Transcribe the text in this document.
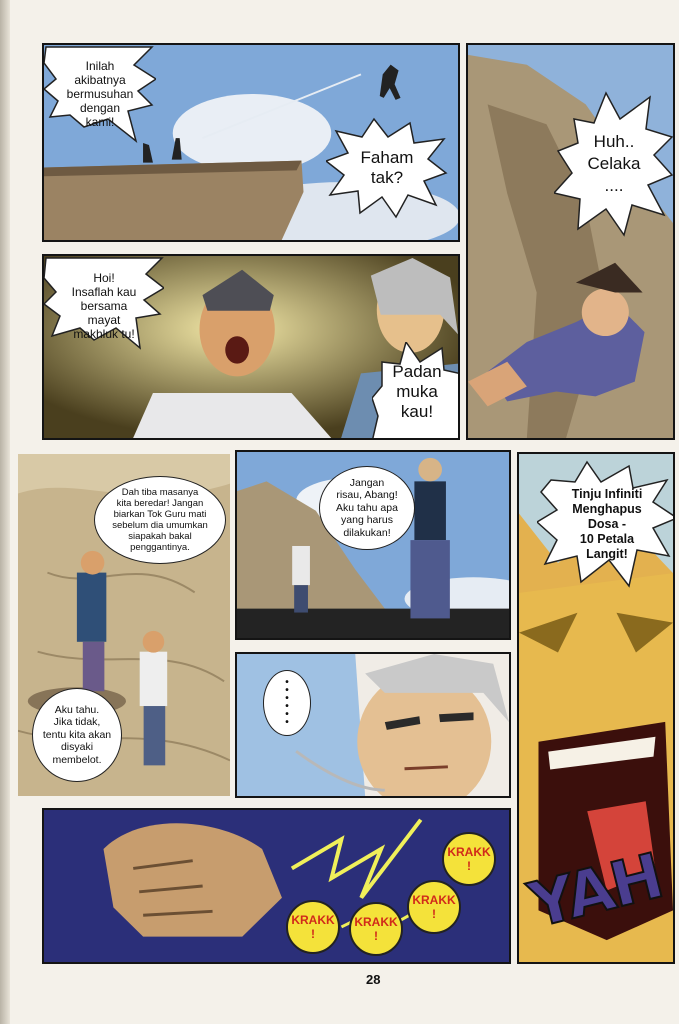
Inilah
akibatnya
bermusuhan
dengan
kami!
Faham
tak?
Huh..
Celaka
....
Hoi!
Insaflah kau
bersama
mayat
makhluk tu!
Padan
muka
kau!
Dah tiba masanya
kita beredar! Jangan
biarkan Tok Guru mati
sebelum dia umumkan
siapakah bakal
penggantinya.
Aku tahu.
Jika tidak,
tentu kita akan
disyaki
membelot.
Jangan
risau, Abang!
Aku tahu apa
yang harus
dilakukan!
Tinju Infiniti
Menghapus
Dosa -
10 Petala
Langit!
YAH
•
•
•
•
•
•
KRAKK
!
KRAKK
!
KRAKK
!
KRAKK
!
28
